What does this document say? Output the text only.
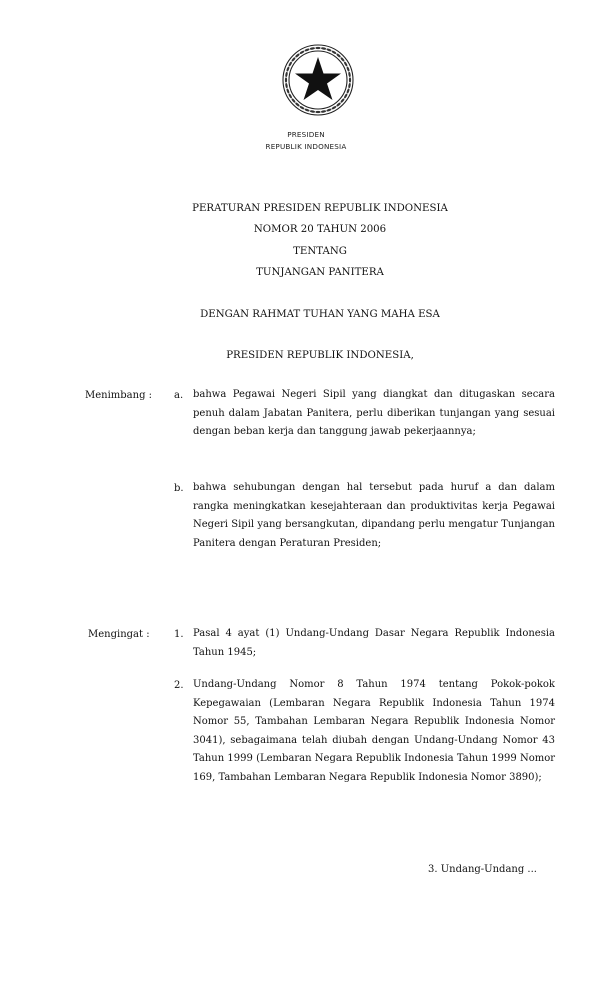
PRESIDEN
REPUBLIK INDONESIA
PERATURAN PRESIDEN REPUBLIK INDONESIA
NOMOR 20 TAHUN 2006
TENTANG
TUNJANGAN PANITERA
DENGAN RAHMAT TUHAN YANG MAHA ESA
PRESIDEN REPUBLIK INDONESIA,
Menimbang : a. bahwa Pegawai Negeri Sipil yang diangkat dan ditugaskan secara penuh dalam Jabatan Panitera, perlu diberikan tunjangan yang sesuai dengan beban kerja dan tanggung jawab pekerjaannya;

b. bahwa sehubungan dengan hal tersebut pada huruf a dan dalam rangka meningkatkan kesejahteraan dan produktivitas kerja Pegawai Negeri Sipil yang bersangkutan, dipandang perlu mengatur Tunjangan Panitera dengan Peraturan Presiden;

Mengingat : 1. Pasal 4 ayat (1) Undang-Undang Dasar Negara Republik Indonesia Tahun 1945;

2. Undang-Undang Nomor 8 Tahun 1974 tentang Pokok-pokok Kepegawaian (Lembaran Negara Republik Indonesia Tahun 1974 Nomor 55, Tambahan Lembaran Negara Republik Indonesia Nomor 3041), sebagaimana telah diubah dengan Undang-Undang Nomor 43 Tahun 1999 (Lembaran Negara Republik Indonesia Tahun 1999 Nomor 169, Tambahan Lembaran Negara Republik Indonesia Nomor 3890);

3. Undang-Undang ...
